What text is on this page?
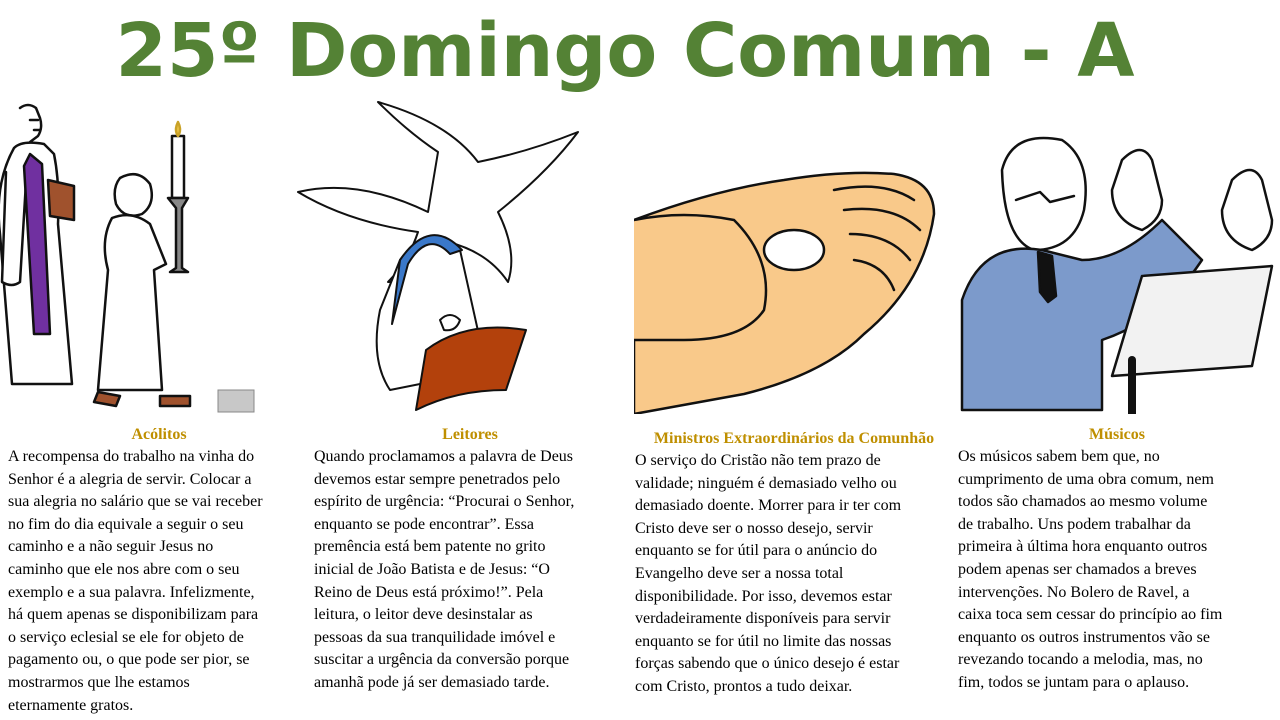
25º Domingo Comum - A
Acólitos

A recompensa do trabalho na vinha do
Senhor é a alegria de servir. Colocar a
sua alegria no salário que se vai receber
no fim do dia equivale a seguir o seu
caminho e a não seguir Jesus no
caminho que ele nos abre com o seu
exemplo e a sua palavra. Infelizmente,
há quem apenas se disponibilizam para
o serviço eclesial se ele for objeto de
pagamento ou, o que pode ser pior, se
mostrarmos que lhe estamos
eternamente gratos.

Leitores

Quando proclamamos a palavra de Deus
devemos estar sempre penetrados pelo
espírito de urgência: “Procurai o Senhor,
enquanto se pode encontrar”. Essa
premência está bem patente no grito
inicial de João Batista e de Jesus: “O
Reino de Deus está próximo!”. Pela
leitura, o leitor deve desinstalar as
pessoas da sua tranquilidade imóvel e
suscitar a urgência da conversão porque
amanhã pode já ser demasiado tarde.

Ministros Extraordinários da Comunhão

O serviço do Cristão não tem prazo de
validade; ninguém é demasiado velho ou
demasiado doente. Morrer para ir ter com
Cristo deve ser o nosso desejo, servir
enquanto se for útil para o anúncio do
Evangelho deve ser a nossa total
disponibilidade. Por isso, devemos estar
verdadeiramente disponíveis para servir
enquanto se for útil no limite das nossas
forças sabendo que o único desejo é estar
com Cristo, prontos a tudo deixar.

Músicos

Os músicos sabem bem que, no
cumprimento de uma obra comum, nem
todos são chamados ao mesmo volume
de trabalho. Uns podem trabalhar da
primeira à última hora enquanto outros
podem apenas ser chamados a breves
intervenções. No Bolero de Ravel, a
caixa toca sem cessar do princípio ao fim
enquanto os outros instrumentos vão se
revezando tocando a melodia, mas, no
fim, todos se juntam para o aplauso.
